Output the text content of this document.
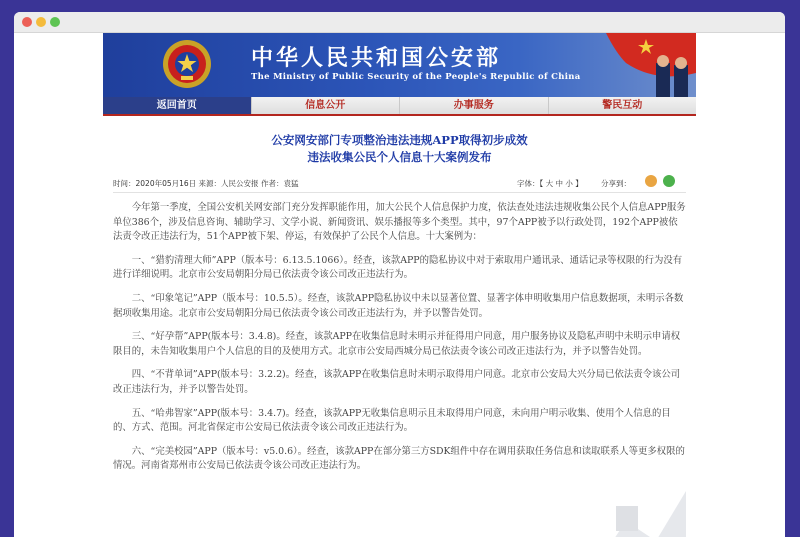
中华人民共和国公安部
The Ministry of Public Security of the People's Republic of China
返回首页	信息公开	办事服务	警民互动
公安网安部门专项整治违法违规APP取得初步成效
违法收集公民个人信息十大案例发布
时间：2020年05月16日 来源：人民公安报 作者：袁猛	字体：【 大 中 小 】 分享到：

今年第一季度，全国公安机关网安部门充分发挥职能作用，加大公民个人信息保护力度，依法查处违法违规收集公民个人信息APP服务单位386个，涉及信息咨询、辅助学习、文学小说、新闻资讯、娱乐播报等多个类型。其中，97个APP被予以行政处罚，192个APP被依法责令改正违法行为，51个APP被下架、停运，有效保护了公民个人信息。十大案例为：

一、“猎豹清理大师”APP（版本号：6.13.5.1066）。经查，该款APP的隐私协议中对于索取用户通讯录、通话记录等权限的行为没有进行详细说明。北京市公安局朝阳分局已依法责令该公司改正违法行为。

二、“印象笔记”APP（版本号：10.5.5）。经查，该款APP隐私协议中未以显著位置、显著字体申明收集用户信息数据项，未明示各数据项收集用途。北京市公安局朝阳分局已依法责令该公司改正违法行为，并予以警告处罚。

三、“好孕帮”APP(版本号：3.4.8)。经查，该款APP在收集信息时未明示并征得用户同意，用户服务协议及隐私声明中未明示申请权限目的，未告知收集用户个人信息的目的及使用方式。北京市公安局西城分局已依法责令该公司改正违法行为，并予以警告处罚。

四、“不背单词”APP(版本号：3.2.2)。经查，该款APP在收集信息时未明示取得用户同意。北京市公安局大兴分局已依法责令该公司改正违法行为，并予以警告处罚。

五、“哈弗智家”APP(版本号：3.4.7)。经查，该款APP无收集信息明示且未取得用户同意，未向用户明示收集、使用个人信息的目的、方式、范围。河北省保定市公安局已依法责令该公司改正违法行为。

六、“完美校园”APP（版本号：v5.0.6）。经查，该款APP在部分第三方SDK组件中存在调用获取任务信息和读取联系人等更多权限的情况。河南省郑州市公安局已依法责令该公司改正违法行为。
